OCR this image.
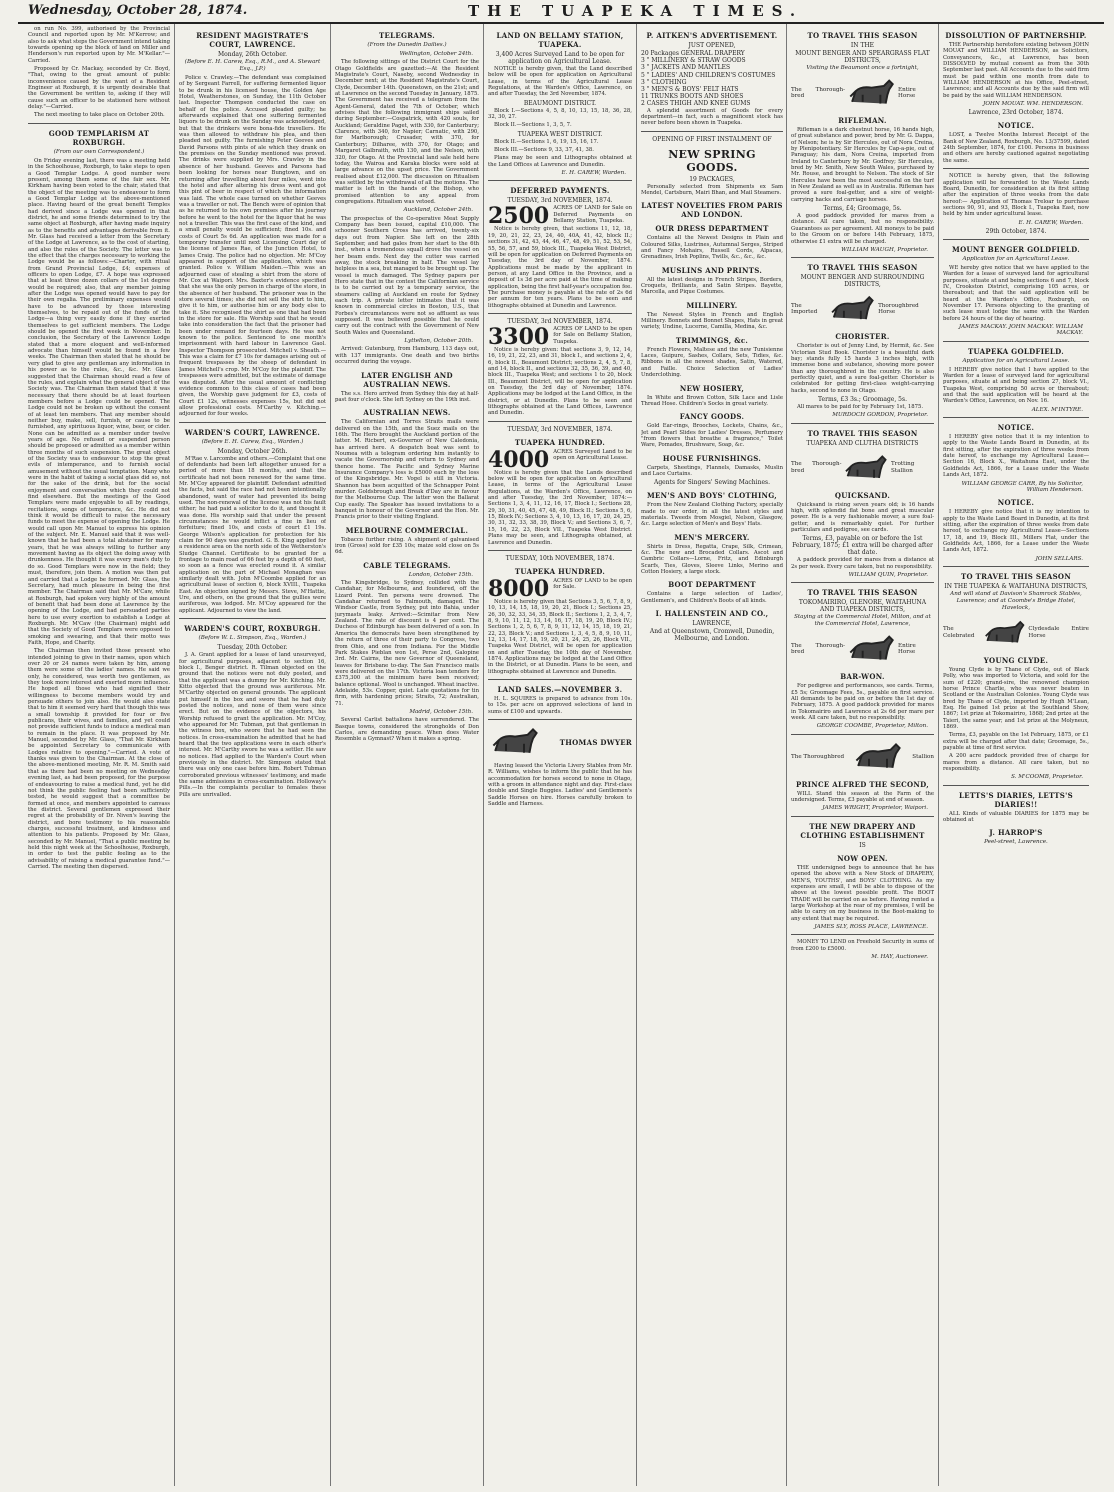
Wednesday, October 28, 1874.	THE TUAPEKA TIMES.

on run No. 399, authorised by the Provincial Council and reported upon by Mr. M'Kerrow; and also to ask what steps the Government intend taking towards opening up the block of land on Miller and Henderson's run reported upon by Mr. M'Kellar."—Carried.

Proposed by Cr. Mackay, seconded by Cr. Boyd, "That, owing to the great amount of public inconvenience caused by the want of a Resident Engineer at Roxburgh, it is urgently desirable that the Government be written to, asking if they will cause such an officer to be stationed here without delay."—Carried.

The next meeting to take place on October 20th.

GOOD TEMPLARISM AT ROXBURGH.
(From our own Correspondent.)

On Friday evening last, there was a meeting held in the Schoolhouse, Roxburgh, to take steps to open a Good Templar Lodge. A good number were present, among them some of the fair sex. Mr. Kirkham having been voted to the chair, stated that the object of the meeting was to endeavour to form a Good Templar Lodge at the above-mentioned place. Having heard of the great benefit Temples had derived since a Lodge was opened in that district, he and some friends determined to try the same object at Roxburgh, after having made inquiry as to the benefits and advantages derivable from it. Mr. Glass had received a letter from the Secretary of the Lodge at Lawrence, as to the cost of starting, and also the rules of the Society. The letter was to the effect that the charges necessary to working the Lodge would be as follows:—Charter, with ritual from Grand Provincial Lodge, £4; expenses of officers to open Lodge, £7. A hope was expressed that at least three dozen collars of the 1st degree would be required; also, that any member joining after the Lodge was opened would have to pay for their own regalia. The preliminary expenses would have to be advanced by those interesting themselves, to be repaid out of the funds of the Lodge—a thing very easily done if they exerted themselves to get sufficient members. The Lodge should be opened the first week in November. In conclusion, the Secretary of the Lawrence Lodge stated that a more eloquent and well-informed advocate than himself would be found in a few weeks. The Chairman then stated that he should be very glad to give any gentleman any information in his power as to the rules, &c., &c. Mr. Glass suggested that the Chairman should read a few of the rules, and explain what the general object of the Society was. The Chairman then stated that it was necessary that there should be at least fourteen members before a Lodge could be opened. The Lodge could not be broken up without the consent of at least ten members. That any member should neither buy, make, sell, furnish, or cause to be furnished, any spirituous liquor, wine, beer, or cider. None can be admitted as a member under twelve years of age. No refused or suspended person should be proposed or admitted as a member within three months of such suspension. The great object of the Society was to endeavour to stop the great evils of intemperance, and to furnish social amusement without the usual temptation. Many who were in the habit of taking a social glass did so, not for the sake of the drink, but for the social enjoyment and conversation which they could not find elsewhere. But the meetings of the Good Templars were made enjoyable to all by readings, recitations, songs of temperance, &c. He did not think it would be difficult to raise the necessary funds to meet the expense of opening the Lodge. He would call upon Mr. Manuel to express his opinion of the subject. Mr. E. Manuel said that it was well-known that he had been a total abstainer for many years, that he was always willing to further any movement having as its object the doing away with drunkenness. He thought it was every man's duty to do so. Good Templars were now in the field; they must, therefore, join them. A motion was then put and carried that a Lodge be formed. Mr. Glass, the Secretary, had much pleasure in being the first member. The Chairman said that Mr. M'Caw, while at Roxburgh, had spoken very highly of the amount of benefit that had been done at Lawrence by the opening of the Lodge, and had persuaded parties here to use every exertion to establish a Lodge at Roxburgh. Mr. M'Caw (the Chairman) might add that the Society of Good Templars were opposed to smoking and swearing, and that their motto was Faith, Hope, and Charity.

The Chairman then invited those present who intended joining to give in their names, upon which over 20 or 24 names were taken by him, among them were some of the ladies' names. He said we only, he considered, was worth two gentlemen, as they took more interest and exerted more influence. He hoped all those who had signified their willingness to become members would try and persuade others to join also. He would also state that to him it seemed very hard that though this was a small township it provided for four or five publicans, their wives, and families, and yet could not provide sufficient funds to induce a medical man to remain in the place. It was proposed by Mr. Manuel, seconded by Mr. Glass, "That Mr. Kirkham be appointed Secretary to communicate with Lodges relative to opening."—Carried. A vote of thanks was given to the Chairman. At the close of the above-mentioned meeting, Mr. R. M. Smith said that as there had been no meeting on Wednesday evening last, as had been proposed, for the purpose of endeavouring to raise a medical fund, yet he did not think the public feeling had been sufficiently tested, he would suggest that a committee be formed at once, and members appointed to canvass the district. Several gentlemen expressed their regret at the probability of Dr. Niven's leaving the district, and bore testimony to his reasonable charges, successful treatment, and kindness and attention to his patients. Proposed by Mr. Glass, seconded by Mr. Manuel, "That a public meeting be held this night week at the Schoolhouse, Roxburgh, in order to test the public feeling as to the advisability of raising a medical guarantee fund."—Carried. The meeting then dispersed.

RESIDENT MAGISTRATE'S COURT, LAWRENCE.
Monday, 26th October.
(Before E. H. Carew, Esq., R.M., and A. Stewart Esq., J.P.)

Police v. Crawley.—The defendant was complained of by Sergeant Farrell, for suffering fermented liquor to be drunk in his licensed house, the Golden Age Hotel, Weatherstones, on Sunday, the 11th October last. Inspector Thompson conducted the case on behalf of the police. Accused pleaded guilty; he afterwards explained that one suffering fermented liquors to be drunk on the Sunday was acknowledged, but that the drinkers were bona-fide travellers. He was then allowed to withdraw his plea, and then pleaded not guilty. The furnishing Peter Geeves and David Parsons with pints of ale which they drank on the premises on the Sunday mentioned was proved. The drinks were supplied by Mrs. Crawley in the absence of her husband. Geeves and Parsons had been looking for horses near Bungtown, and on returning after travelling about four miles, went into the hotel and after altering his dress went and got this pint of beer in respect of which the information was laid. The whole case turned on whether Geeves was a traveller or not. The Bench were of opinion that as he returned to his own premises after his journey before he went to the hotel for the liquor that he was not a traveller. This was the first case of the kind, and a small penalty would be sufficient; fined 10s. and costs of Court 5s 6d. An application was made for a temporary transfer until next Licensing Court day of the license of James Rae, of the Junction Hotel, to James Craig. The police had no objection. Mr. M'Coy appeared in support of the application, which was granted. Police v. William Maiden.—This was an adjourned case of stealing a shirt from the store of Mr. Cox at Waipori. Mrs. Baxter's evidence specified that she was the only person in charge of the store, in the absence of her husband. The prisoner was in the store several times; she did not sell the shirt to him, give it to him, or authorise him or any body else to take it. She recognised the shirt as one that had been in the store for sale. His Worship said that he would take into consideration the fact that the prisoner had been under remand for fourteen days. He was not known to the police. Sentenced to one month's imprisonment with hard labour in Lawrence Gaol. Inspector Thompson prosecuted. Mitchell v. Sheath.—This was a claim for £7 10s for damages arising out of frequent trespasses by the sheep of defendant in James Mitchell's crop. Mr. M'Coy for the plaintiff. The trespasses were admitted, but the estimate of damage was disputed. After the usual amount of conflicting evidence common to this class of cases had been given, the Worship gave judgment for £3, costs of Court £1 12s, witnesses expenses 15s, but did not allow professional costs. M'Carthy v. Kitching.—adjourned for four weeks.

WARDEN'S COURT, LAWRENCE.
(Before E. H. Carew, Esq., Warden.)
Monday, October 26th.

M'Rae v. Larcombe and others.—Complaint that one of defendants had been left altogether unused for a period of more than 18 months, and that the certificate had not been renewed for the same time. Mr. M'Coy appeared for plaintiff. Defendant admitted the facts, but said the race had not been intentionally abandoned, want of water had prevented its being used. The non-renewal of the license was not his fault either; he had paid a solicitor to do it, and thought it was done. His worship said that under the present circumstances he would inflict a fine in lieu of forfeiture; fined 10s, and costs of court £1 19s. George Wilson's application for protection for his claim for 90 days was granted. G. B. King applied for a residence area on the north side of the Wetherston's Sludge Channel. Certificate to be granted for a frontage to main road of 66 feet by a depth of 60 feet, so soon as a fence was erected round it. A similar application on the part of Michael Monaghan was similarly dealt with. John M'Coombe applied for an agricultural lease of section 6, block XVIII., Tuapeka East. An objection signed by Messrs. Steve, M'Hattie, Ure, and others, on the ground that the gullies were auriferous, was lodged. Mr. M'Coy appeared for the applicant. Adjourned to view the land.

WARDEN'S COURT, ROXBURGH.
(Before W. L. Simpson, Esq., Warden.)
Tuesday, 20th October.

J. A. Grant applied for a lease of land unsurveyed, for agricultural purposes, adjacent to section 16, block I., Benger district. R. Tilman objected on the ground that the notices were not duly posted, and that the applicant was a dummy for Mr. Kitching. Mr. Kitto objected that the ground was auriferous. Mr. M'Carthy objected on general grounds. The applicant put himself in the box and swore that he had duly posted the notices, and none of them were since erect. But on the evidence of the objectors, his Worship refused to grant the application. Mr. M'Coy, who appeared for Mr. Tubman, put that gentleman in the witness box, who swore that he had seen the notices. In cross-examination he admitted that he had heard that the two applications were in each other's interest. Mr. M'Carthy swore he was a settler. He saw no notices. Had applied to the Warden's Court when previously in the district. Mr. Simpson stated that there was only one case before him. Robert Tubman corroborated previous witnesses' testimony, and made the same admissions in cross-examination. Holloway's Pills.—In the complaints peculiar to females these Pills are unrivalled.

TELEGRAMS.
(From the Dunedin Dailies.)
Wellington, October 24th.

The following sittings of the District Court for the Otago Goldfields are gazetted:—At the Resident Magistrate's Court, Naseby, second Wednesday in December next; at the Resident Magistrate's Court, Clyde, December 14th. Queenstown, on the 21st; and at Lawrence on the second Tuesday in January, 1875. The Government has received a telegram from the Agent-General, dated the 7th of October, which advises that the following immigrant ships sailed during September:—Cospatrick, with 420 souls, for Auckland; Geraldine Paget, with 330, for Canterbury; Clarence, with 340, for Napier; Carnatic, with 290, for Marlborough; Crusader, with 370, for Canterbury; Dilharee, with 370, for Otago; and Margaret Galbraith, with 130, and the Nelson, with 320, for Otago. At the Provincial land sale held here today, the Wairoa and Karaka blocks were sold at large advance on the upset price. The Government realised about £12,000. The discussion on Ritualism was settled by the withdrawal of all the motions. The matter is left in the hands of the Bishop, who promised attention to any appeal from congregations. Ritualism was vetoed.

Auckland, October 24th.

The prospectus of the Co-operative Meat Supply Company has been issued, capital £10,000. The schooner Southern Cross has arrived, twenty-six days out from Napier. She left on the 28th September, and had gales from her start to the 6th inst., when a tremendous squall drove the vessel on her beam ends. Next day the cutter was carried away, the stock breaking in half. The vessel lay helpless in a sea, but managed to be brought up. The vessel is much damaged. The Sydney papers per Hero state that in the contest the Californian service is to be carried out by a temporary service, the steamers calling at Auckland en route for Sydney each trip. A private letter intimates that it was known in commercial circles in Boston, U.S., that Forbes's circumstances were not so affluent as was supposed. It was believed possible that he could carry out the contract with the Government of New South Wales and Queensland.

Lyttelton, October 20th.

Arrived: Gutenburg, from Hamburg, 113 days out, with 137 immigrants. One death and two births occurred during the voyage.

LATER ENGLISH AND AUSTRALIAN NEWS.

The s.s. Hero arrived from Sydney this day at half-past four o'clock. She left Sydney on the 19th inst.

AUSTRALIAN NEWS.

The Californian and Torres Straits mails were delivered on the 15th, and the Suez mails on the 16th. The Hero brought the Auckland portion of the latter. M. Ricbert, ex-Governor of New Caledonia, has arrived here. A despatch boat was sent to Noumea with a telegram ordering him instantly to vacate the Governorship and return to Sydney and thence home. The Pacific and Sydney Marine Insurance Company's loss is £5000 each by the loss of the Kingsbridge. Mr. Vogel is still in Victoria. Shannon has been acquitted of the Schnapper Point murder. Goldsbrough and Break d'Day are in favour for the Melbourne Cup. The latter won the Ballarat Cup easily. The Speaker has issued invitations to a banquet in honour of the Governor and the Hon. Mr. Francis prior to their visiting England.

MELBOURNE COMMERCIAL.

Tobacco further rising. A shipment of galvanised iron (Gross) sold for £35 10s; maize sold close on 5s 6d.

CABLE TELEGRAMS.
London, October 15th.

The Kingsbridge, to Sydney, collided with the Candahar, for Melbourne, and foundered, off the Lizard Point. Ten persons were drowned. The Candahar returned to Falmouth, damaged. The Windsor Castle, from Sydney, put into Bahia, under jurymasts leaky. Arrived:—Scimitar from New Zealand. The rate of discount is 4 per cent. The Duchess of Edinburgh has been delivered of a son. In America the democrats have been strengthened by the return of three of their party to Congress, two from Ohio, and one from Indiana. For the Middle Park Stakes Pieblan won 1st, Perse 2nd, Galopine 3rd. Mr. Cairns, the new Governor of Queensland, leaves for Brisbane to-day. The San Francisco mails were delivered on the 17th. Victoria loan tenders for £375,300 at the minimum have been received; balance optional. Wool is unchanged. Wheat inactive. Adelaide, 53s. Copper, quiet. Late quotations for tin firm, with hardening prices; Straits, 72; Australian, 71.

Madrid, October 15th.

Several Carlist battalions have surrendered. The Basque towns, considered the strongholds of Don Carlos, are demanding peace. When does Water Resemble a Gymnast? When it makes a spring.

LAND ON BELLAMY STATION, TUAPEKA.
3,400 Acres Surveyed Land to be open for application on Agricultural Lease.

NOTICE is hereby given, that the Land described below will be open for application on Agricultural Lease, in terms of the Agricultural Lease Regulations, at the Warden's Office, Lawrence, on and after Tuesday, the 3rd November, 1874.

BEAUMONT DISTRICT.

Block I.—Sections 4, 5, 8, 10, 13, 15, 18, 36, 28, 32, 30, 27.

Block II.—Sections 1, 3, 5, 7.

TUAPEKA WEST DISTRICT.

Block II.—Sections 1, 6, 19, 15, 16, 17.

Block III.—Sections 9, 33, 37, 41, 38.

Plans may be seen and Lithographs obtained at the Land Offices at Lawrence and Dunedin.

E. H. CAREW, Warden.
DEFERRED PAYMENTS.
TUESDAY, 3rd NOVEMBER, 1874.
2500 ACRES OF LAND for Sale on Deferred Payments on Bellamy Station, Tuapeka.

Notice is hereby given, that sections 11, 12, 18, 19, 20, 21, 22, 23, 24, 40, 40A, 41, 42, block II.; sections 31, 42, 43, 44, 46, 47, 48, 49, 51, 52, 53, 54, 55, 56, 57, and 59, block III., Tuapeka West District, will be open for application on Deferred Payments on Tuesday, the 3rd day of November, 1874. Applications must be made by the applicant in person, at any Land Office in the Province, and a deposit of 1s 3d per acre paid at the time of making application, being the first half-year's occupation fee. The purchase money is payable at the rate of 2s 6d per annum for ten years. Plans to be seen and lithographs obtained at Dunedin and Lawrence.

TUESDAY, 3rd NOVEMBER, 1874.
3300 ACRES OF LAND to be open for Sale on Bellamy Station, Tuapeka.

Notice is hereby given: that sections 3, 9, 12, 14, 16, 19, 21, 22, 23, and 31, block I., and sections 2, 4, 6, block II., Beaumont District; sections 2, 4, 5, 7, 8, and 14, block II., and sections 32, 35, 36, 39, and 40, block III., Tuapeka West; and sections 1 to 20, block III., Beaumont District, will be open for application on Tuesday, the 3rd day of November, 1874. Applications may be lodged at the Land Office, in the district, or at Dunedin. Plans to be seen and lithographs obtained at the Land Offices, Lawrence and Dunedin.

TUESDAY, 3rd NOVEMBER, 1874.
TUAPEKA HUNDRED.
4000 ACRES Surveyed Land to be open on Agricultural Lease.

Notice is hereby given that the Lands described below will be open for application on Agricultural Lease, in terms of the Agricultural Lease Regulations, at the Warden's Office, Lawrence, on and after Tuesday, the 3rd November, 1874:— Sections 1, 3, 4, 11, 12, 16, 17, Block I.; Sections 28, 29, 30, 31, 40, 45, 47, 48, 49, Block II.; Sections 5, 6, 15, Block IV.; Sections 3, 4, 10, 13, 16, 17, 20, 24, 25, 30, 31, 32, 33, 38, 39, Block V.; and Sections 3, 6, 7, 15, 16, 22, 23, Block VII., Tuapeka West District. Plans may be seen, and Lithographs obtained, at Lawrence and Dunedin.

TUESDAY, 10th NOVEMBER, 1874.
TUAPEKA HUNDRED.
8000 ACRES OF LAND to be open for Sale.

Notice is hereby given that Sections 3, 5, 6, 7, 8, 9, 10, 13, 14, 15, 18, 19, 20, 21, Block I.; Sections 25, 26, 30, 32, 33, 34, 35, Block II.; Sections 1, 2, 3, 4, 7, 8, 9, 10, 11, 12, 13, 14, 16, 17, 18, 19, 20, Block IV.; Sections 1, 2, 5, 6, 7, 8, 9, 11, 12, 14, 15, 18, 19, 21, 22, 23, Block V.; and Sections 1, 3, 4, 5, 8, 9, 10, 11, 12, 13, 14, 17, 18, 19, 20, 21, 24, 25, 26, Block VII., Tuapeka West District, will be open for application on and after Tuesday, the 10th day of November, 1874. Applications may be lodged at the Land Office in the District, or at Dunedin. Plans to be seen, and lithographs obtained at Lawrence and Dunedin.

LAND SALES.—NOVEMBER 3.

H. L. SQUIRES is prepared to advance from 10s. to 15s. per acre on approved selections of land in sums of £100 and upwards.

THOMAS DWYER

Having leased the Victoria Livery Stables from Mr. R. Williams, wishes to inform the public that he has accommodation for horses second to none in Otago, with a groom in attendance night and day. First-class double and Single Buggies. Ladies' and Gentlemen's Saddle Horses on hire. Horses carefully broken to Saddle and Harness.

P. AITKEN'S ADVERTISEMENT.
JUST OPENED,
20 Packages GENERAL DRAPERY
3 " MILLINERY & STRAW GOODS
3 " JACKETS AND MANTLES
5 " LADIES' AND CHILDREN'S COSTUMES
3 " CLOTHING
3 " MEN'S & BOYS' FELT HATS
11 TRUNKS BOOTS AND SHOES
2 CASES THIGH AND KNEE GUMS

A splendid assortment of Goods for every department—in fact, such a magnificent stock has never before been shown in Tuapeka.

OPENING OF FIRST INSTALMENT OF
NEW SPRING GOODS.
19 PACKAGES,

Personally selected from Shipments ex Sam Mendel, Cartsburn, Mairi Bhan, and Mail Steamers.

LATEST NOVELTIES FROM PARIS AND LONDON.
OUR DRESS DEPARTMENT

Contains all the Newest Designs in Plain and Coloured Silks, Lustrines, Autumnal Serges, Striped and Fancy Mohairs, Russell Cords, Alpacas, Grenadines, Irish Poplins, Twills, &c., &c., &c.

MUSLINS AND PRINTS.

All the latest designs in French Stripes, Borders, Croquets, Brilliants, and Satin Stripes. Bayette, Marcella, and Pique Costumes.

MILLINERY.

The Newest Styles in French and English Millinery. Bonnets and Bonnet Shapes, Hats in great variety, Undine, Lucerne, Camilla, Medina, &c.

TRIMMINGS, &c.

French Flowers, Maltese and the new Tunisienne Laces, Guipure, Sashes, Collars, Sets, Tidies, &c. Ribbons in all the newest shades, Satin, Watered, and Faille. Choice Selection of Ladies' Underclothing.

NEW HOSIERY,

In White and Brown Cotton, Silk Lace and Lisle Thread Hose. Children's Socks in great variety.

FANCY GOODS.

Gold Ear-rings, Brooches, Lockets, Chains, &c., Jet and Pearl Slides for Ladies' Dresses, Perfumery "from flowers that breathe a fragrance," Toilet Ware, Pomades, Brushware, Soap, &c.

HOUSE FURNISHINGS.

Carpets, Sheetings, Flannels, Damasks, Muslin and Lace Curtains.

Agents for Singers' Sewing Machines.
MEN'S AND BOYS' CLOTHING,

From the New Zealand Clothing Factory, specially made to our order, in all the latest styles and materials. Tweeds from Mosgiel, Nelson, Glasgow, &c. Large selection of Men's and Boys' Hats.

MEN'S MERCERY.

Shirts in Dress, Regatta, Crape, Silk, Crimean, &c. The new and Brocaded Collars. Ascot and Cambric Collars—Lorne, Fritz, and Edinburgh Scarfs, Ties, Gloves, Sleeve Links, Merino and Cotton Hosiery, a large stock.

BOOT DEPARTMENT

Contains a large selection of Ladies', Gentlemen's, and Children's Boots of all kinds.

I. HALLENSTEIN AND CO.,
LAWRENCE,
And at Queenstown, Cromwell, Dunedin, Melbourne, and London.
TO TRAVEL THIS SEASON
IN THE
MOUNT BENGER AND SPEARGRASS FLAT DISTRICTS,
Visiting the Beaumont once a fortnight,
The Thorough-bred
Entire Horse
RIFLEMAN.

Rifleman is a dark chestnut horse, 16 hands high, of great substance and power, bred by Mr. G. Dappa, of Nelson; he is by Sir Hercules, out of Nora Creina, by Plenipotentiary. Sir Hercules by Cap-a-pie, out of Paraguay; his dam, Nora Creina, imported from Ireland to Canterbury by Mr. Godfrey; Sir Hercules, bred by Mr. Smith, New South Wales, purchased by Mr. Rouse, and brought to Nelson. The stock of Sir Hercules have been the most successful on the turf in New Zealand as well as in Australia. Rifleman has proved a sure foal-getter, and a sire of weight-carrying hacks and carriage horses.

Terms, £4; Groomage, 5s.

A good paddock provided for mares from a distance. All care taken, but no responsibility. Guarantees as per agreement. All moneys to be paid to the Groom on or before 14th February, 1875, otherwise £1 extra will be charged.

WILLIAM WAUGH, Proprietor.
TO TRAVEL THIS SEASON
MOUNT BENGER AND SURROUNDING DISTRICTS,
The Imported
Thoroughbred Horse
CHORISTER.

Chorister is out of Jenny Lind, by Hermit, &c. See Victorian Stud Book. Chorister is a beautiful dark bay; stands fully 15 hands 3 inches high, with immense bone and substance, showing more power than any thoroughbred in the country. He is also perfectly quiet, and a sure foal-getter. Chorister is celebrated for getting first-class weight-carrying hacks, second to none in Otago.

Terms, £3 3s.; Groomage, 5s.

All mares to be paid for by February 1st, 1875.

MURDOCH GORDON, Proprietor.
TO TRAVEL THIS SEASON
TUAPEKA AND CLUTHA DISTRICTS
The Thorough-bred
Trotting Stallion
QUICKSAND.

Quicksand is rising seven years old; is 16 hands high, with splendid flat bone and great muscular power. He is a very fashionable mover, a sure foal-getter, and is remarkably quiet. For further particulars and pedigree, see cards.

Terms, £3, payable on or before the 1st February, 1875; £1 extra will be charged after that date.

A paddock provided for mares from a distance at 2s per week. Every care taken, but no responsibility.

WILLIAM QUIN, Proprietor.
TO TRAVEL THIS SEASON
TOKOMAIRIRO, GLENORE, WAITAHUNA AND TUAPEKA DISTRICTS,
Staying at the Commercial Hotel, Milton, and at the Commercial Hotel, Lawrence,
The Thorough-bred
Entire Horse
BAR-WON.

For pedigree and performances, see cards. Terms, £5 5s; Groomage Fees, 5s., payable on first service. All demands to be paid on or before the 1st day of February, 1875. A good paddock provided for mares in Tokomairiro and Lawrence at 2s 6d per mare per week. All care taken, but no responsibility.

GEORGE COOMBE, Proprietor, Milton.
The Thoroughbred	Stallion
PRINCE ALFRED THE SECOND,

WILL Stand this season at the Farm of the undersigned. Terms, £3 payable at end of season.

JAMES WRIGHT, Proprietor, Waipori.
THE NEW DRAPERY AND CLOTHING ESTABLISHMENT
IS
NOW OPEN.

THE undersigned begs to announce that he has opened the above with a New Stock of DRAPERY, MEN'S, YOUTHS', and BOYS' CLOTHING. As my expenses are small, I will be able to dispose of the above at the lowest possible profit. The BOOT TRADE will be carried on as before. Having rented a large Workshop at the rear of my premises, I will be able to carry on my business in the Boot-making to any extent that may be required.

JAMES SLY, ROSS PLACE, LAWRENCE.

MONEY TO LEND on Freehold Security in sums of from £200 to £5000.

M. HAY, Auctioneer.
DISSOLUTION OF PARTNERSHIP.

THE Partnership heretofore existing between JOHN MOUAT and WILLIAM HENDERSON, as Solicitors, Conveyancers, &c., at Lawrence, has been DISSOLVED by mutual consent as from the 30th September last past. All Accounts due to the said firm must be paid within one month from date to WILLIAM HENDERSON at his Office, Peel-street, Lawrence; and all Accounts due by the said firm will be paid by the said WILLIAM HENDERSON.

JOHN MOUAT. WM. HENDERSON.
Lawrence, 23rd October, 1874.
NOTICE.

LOST, a Twelve Months Interest Receipt of the Bank of New Zealand, Roxburgh, No. 13/37599, dated 24th September, 1874, for £100. Persons in business and others are hereby cautioned against negotiating the same.

NOTICE is hereby given, that the following application will be forwarded to the Waste Lands Board, Dunedin, for consideration at its first sitting after the expiration of three weeks from the date hereof:— Application of Thomas Treloar to purchase sections 90, 91, and 93, Block I., Tuapeka East, now held by him under agricultural lease.

E. H. CAREW, Warden.
29th October, 1874.
MOUNT BENGER GOLDFIELD.
Application for an Agricultural Lease.

WE hereby give notice that we have applied to the Warden for a lease of surveyed land for agricultural purposes, situate at and being sections 6 and 7, block IV., Crookston District, comprising 105 acres, or thereabout; and that the said application will be heard at the Warden's Office, Roxburgh, on November 17. Persons objecting to the granting of such lease must lodge the same with the Warden before 24 hours of the day of hearing.

JAMES MACKAY. JOHN MACKAY. WILLIAM MACKAY.
TUAPEKA GOLDFIELD.
Application for an Agricultural Lease.

I HEREBY give notice that I have applied to the Warden for a lease of surveyed land for agricultural purposes, situate at and being section 27, block VI., Tuapeka West, comprising 50 acres or thereabout; and that the said application will be heard at the Warden's Office, Lawrence, on Nov. 16.

ALEX. M'INTYRE.
NOTICE.

I HEREBY give notice that it is my intention to apply to the Waste Lands Board in Dunedin, at its first sitting, after the expiration of three weeks from date hereof, to exchange my Agricultural Lease—Section 16, Block X., Waitahuna East, under the Goldfields Act, 1866, for a Lease under the Waste Lands Act, 1872.

WILLIAM GEORGE CARR, By his Solicitor, William Henderson.
NOTICE.

I HEREBY give notice that it is my intention to apply to the Waste Land Board in Dunedin, at its first sitting, after the expiration of three weeks from date hereof, to exchange my Agricultural Lease—Sections 17, 18, and 19, Block III., Millers Flat, under the Goldfields Act, 1866, for a Lease under the Waste Lands Act, 1872.

JOHN SELLARS.
TO TRAVEL THIS SEASON
IN THE TUAPEKA & WAITAHUNA DISTRICTS,
And will stand at Davison's Shamrock Stables, Lawrence; and at Coombe's Bridge Hotel, Havelock,
The Celebrated
Clydesdale Entire Horse
YOUNG CLYDE.

Young Clyde is by Thane of Clyde, out of Black Polly, who was imported to Victoria, and sold for the sum of £220; grand-sire, the renowned champion horse Prince Charlie, who was never beaten in Scotland or the Australian Colonies. Young Clyde was bred by Thane of Clyde, imported by Hugh M'Lean, Esq. He gained 1st prize at the Southland Show, 1867; 1st prize at Tokomairiro, 1868; 2nd prize at the Taieri, the same year; and 1st prize at the Molyneux, 1869.

Terms, £3, payable on the 1st February, 1875, or £1 extra will be charged after that date; Groomage, 5s., payable at time of first service.

A 200 acre paddock provided free of charge for mares from a distance. All care taken, but no responsibility.

S. M'COOMB, Proprietor.
LETTS'S DIARIES, LETTS'S DIARIES!!

ALL Kinds of valuable DIARIES for 1875 may be obtained at

J. HARROP'S
Peel-street, Lawrence.
